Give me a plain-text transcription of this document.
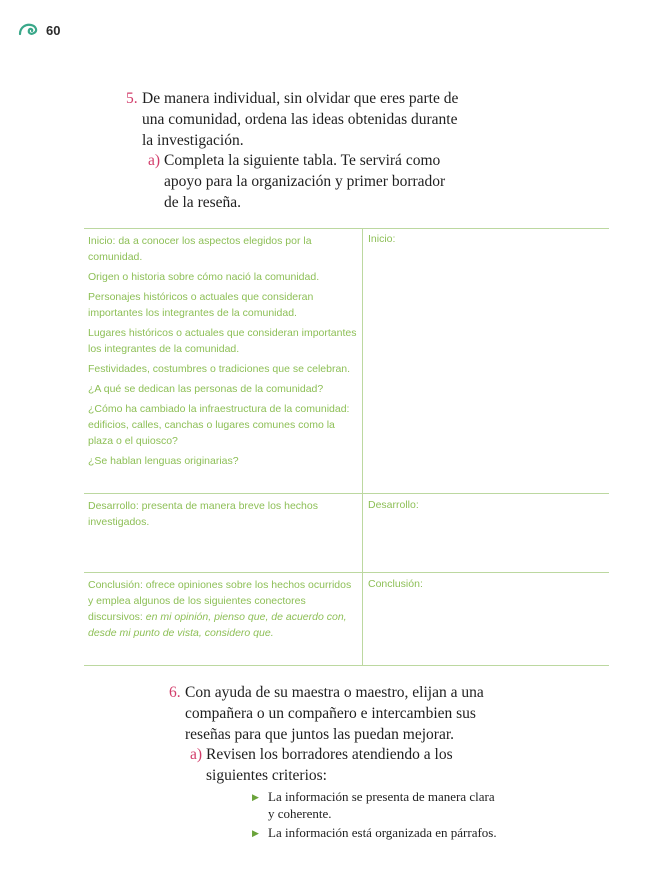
60
5. De manera individual, sin olvidar que eres parte de
una comunidad, ordena las ideas obtenidas durante
la investigación.
a) Completa la siguiente tabla. Te servirá como
apoyo para la organización y primer borrador
de la reseña.

Inicio: da a conocer los aspectos elegidos por la comunidad.

Origen o historia sobre cómo nació la comunidad.

Personajes históricos o actuales que consideran importantes los integrantes de la comunidad.

Lugares históricos o actuales que consideran importantes los integrantes de la comunidad.

Festividades, costumbres o tradiciones que se celebran.

¿A qué se dedican las personas de la comunidad?

¿Cómo ha cambiado la infraestructura de la comunidad: edificios, calles, canchas o lugares comunes como la plaza o el quiosco?

¿Se hablan lenguas originarias?

Inicio:

Desarrollo: presenta de manera breve los hechos investigados.

Desarrollo:
Conclusión: ofrece opiniones sobre los hechos ocurridos y emplea algunos de los siguientes conectores discursivos: en mi opinión, pienso que, de acuerdo con, desde mi punto de vista, considero que.
Conclusión:
6. Con ayuda de su maestra o maestro, elijan a una
compañera o un compañero e intercambien sus
reseñas para que juntos las puedan mejorar.
a) Revisen los borradores atendiendo a los
siguientes criterios:
▶ La información se presenta de manera clara
y coherente.
▶ La información está organizada en párrafos.
